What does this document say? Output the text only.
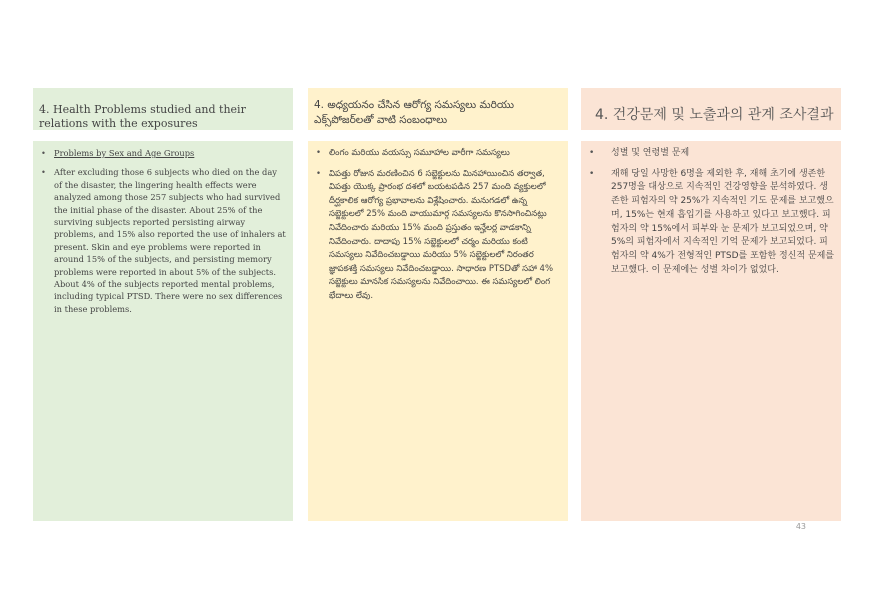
4. Health Problems studied and their relations with the exposures
• Problems by Sex and Age Groups
• After excluding those 6 subjects who died on the day of the disaster, the lingering health effects were analyzed among those 257 subjects who had survived the initial phase of the disaster. About 25% of the surviving subjects reported persisting airway problems, and 15% also reported the use of inhalers at present. Skin and eye problems were reported in around 15% of the subjects, and persisting memory problems were reported in about 5% of the subjects. About 4% of the subjects reported mental problems, including typical PTSD. There were no sex differences in these problems.
4. అధ్యయనం చేసిన ఆరోగ్య సమస్యలు మరియు ఎక్స్‌పోజర్‌లతో వాటి సంబంధాలు
• లింగం మరియు వయస్సు సమూహాల వారీగా సమస్యలు
• విపత్తు రోజున మరణించిన 6 సబ్జెక్టులను మినహాయించిన తర్వాత, విపత్తు యొక్క ప్రారంభ దశలో బయటపడిన 257 మంది వ్యక్తులలో దీర్ఘకాలిక ఆరోగ్య ప్రభావాలను విశ్లేషించారు. మనుగడలో ఉన్న సబ్జెక్టులలో 25% మంది వాయుమార్గ సమస్యలను కొనసాగించినట్లు నివేదించారు మరియు 15% మంది ప్రస్తుతం ఇన్హేలర్ల వాడకాన్ని నివేదించారు. దాదాపు 15% సబ్జెక్టులలో చర్మం మరియు కంటి సమస్యలు నివేదించబడ్డాయి మరియు 5% సబ్జెక్టులలో నిరంతర జ్ఞాపకశక్తి సమస్యలు నివేదించబడ్డాయి. సాధారణ PTSDతో సహా 4% సబ్జెక్టులు మానసిక సమస్యలను నివేదించాయి. ఈ సమస్యలలో లింగ భేదాలు లేవు.
4. 건강문제 및 노출과의 관계 조사결과
• 성별 및 연령별 문제
• 재해 당일 사망한 6명을 제외한 후, 재해 초기에 생존한 257명을 대상으로 지속적인 건강영향을 분석하였다. 생존한 피험자의 약 25%가 지속적인 기도 문제를 보고했으며, 15%는 현재 흡입기를 사용하고 있다고 보고했다. 피험자의 약 15%에서 피부와 눈 문제가 보고되었으며, 약 5%의 피험자에서 지속적인 기억 문제가 보고되었다. 피험자의 약 4%가 전형적인 PTSD를 포함한 정신적 문제를 보고했다. 이 문제에는 성별 차이가 없었다.
43
